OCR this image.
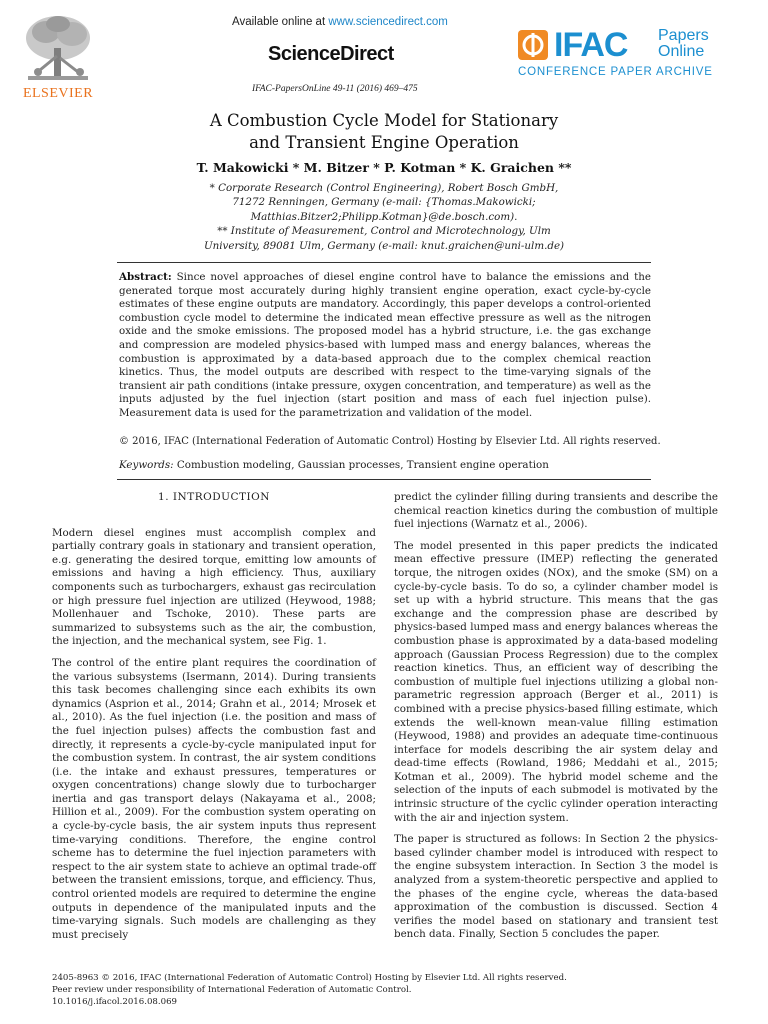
ELSEVIER
Available online at www.sciencedirect.com
ScienceDirect
IFAC-PapersOnLine 49-11 (2016) 469–475
IFAC Papers
Online
CONFERENCE PAPER ARCHIVE
A Combustion Cycle Model for Stationary
and Transient Engine Operation
T. Makowicki * M. Bitzer * P. Kotman * K. Graichen **
* Corporate Research (Control Engineering), Robert Bosch GmbH,
71272 Renningen, Germany (e-mail: {Thomas.Makowicki;
Matthias.Bitzer2;Philipp.Kotman}@de.bosch.com).
** Institute of Measurement, Control and Microtechnology, Ulm
University, 89081 Ulm, Germany (e-mail: knut.graichen@uni-ulm.de)
Abstract: Since novel approaches of diesel engine control have to balance the emissions and the generated torque most accurately during highly transient engine operation, exact cycle-by-cycle estimates of these engine outputs are mandatory. Accordingly, this paper develops a control-oriented combustion cycle model to determine the indicated mean effective pressure as well as the nitrogen oxide and the smoke emissions. The proposed model has a hybrid structure, i.e. the gas exchange and compression are modeled physics-based with lumped mass and energy balances, whereas the combustion is approximated by a data-based approach due to the complex chemical reaction kinetics. Thus, the model outputs are described with respect to the time-varying signals of the transient air path conditions (intake pressure, oxygen concentration, and temperature) as well as the inputs adjusted by the fuel injection (start position and mass of each fuel injection pulse). Measurement data is used for the parametrization and validation of the model.
© 2016, IFAC (International Federation of Automatic Control) Hosting by Elsevier Ltd. All rights reserved.
Keywords: Combustion modeling, Gaussian processes, Transient engine operation

1. INTRODUCTION

Modern diesel engines must accomplish complex and partially contrary goals in stationary and transient operation, e.g. generating the desired torque, emitting low amounts of emissions and having a high efficiency. Thus, auxiliary components such as turbochargers, exhaust gas recirculation or high pressure fuel injection are utilized (Heywood, 1988; Mollenhauer and Tschoke, 2010). These parts are summarized to subsystems such as the air, the combustion, the injection, and the mechanical system, see Fig. 1.

The control of the entire plant requires the coordination of the various subsystems (Isermann, 2014). During transients this task becomes challenging since each exhibits its own dynamics (Asprion et al., 2014; Grahn et al., 2014; Mrosek et al., 2010). As the fuel injection (i.e. the position and mass of the fuel injection pulses) affects the combustion fast and directly, it represents a cycle-by-cycle manipulated input for the combustion system. In contrast, the air system conditions (i.e. the intake and exhaust pressures, temperatures or oxygen concentrations) change slowly due to turbocharger inertia and gas transport delays (Nakayama et al., 2008; Hillion et al., 2009). For the combustion system operating on a cycle-by-cycle basis, the air system inputs thus represent time-varying conditions. Therefore, the engine control scheme has to determine the fuel injection parameters with respect to the air system state to achieve an optimal trade-off between the transient emissions, torque, and efficiency. Thus, control oriented models are required to determine the engine outputs in dependence of the manipulated inputs and the time-varying signals. Such models are challenging as they must precisely

predict the cylinder filling during transients and describe the chemical reaction kinetics during the combustion of multiple fuel injections (Warnatz et al., 2006).

The model presented in this paper predicts the indicated mean effective pressure (IMEP) reflecting the generated torque, the nitrogen oxides (NOx), and the smoke (SM) on a cycle-by-cycle basis. To do so, a cylinder chamber model is set up with a hybrid structure. This means that the gas exchange and the compression phase are described by physics-based lumped mass and energy balances whereas the combustion phase is approximated by a data-based modeling approach (Gaussian Process Regression) due to the complex reaction kinetics. Thus, an efficient way of describing the combustion of multiple fuel injections utilizing a global non-parametric regression approach (Berger et al., 2011) is combined with a precise physics-based filling estimate, which extends the well-known mean-value filling estimation (Heywood, 1988) and provides an adequate time-continuous interface for models describing the air system delay and dead-time effects (Rowland, 1986; Meddahi et al., 2015; Kotman et al., 2009). The hybrid model scheme and the selection of the inputs of each submodel is motivated by the intrinsic structure of the cyclic cylinder operation interacting with the air and injection system.

The paper is structured as follows: In Section 2 the physics-based cylinder chamber model is introduced with respect to the engine subsystem interaction. In Section 3 the model is analyzed from a system-theoretic perspective and applied to the phases of the engine cycle, whereas the data-based approximation of the combustion is discussed. Section 4 verifies the model based on stationary and transient test bench data. Finally, Section 5 concludes the paper.

2405-8963 © 2016, IFAC (International Federation of Automatic Control) Hosting by Elsevier Ltd. All rights reserved.
Peer review under responsibility of International Federation of Automatic Control.
10.1016/j.ifacol.2016.08.069
